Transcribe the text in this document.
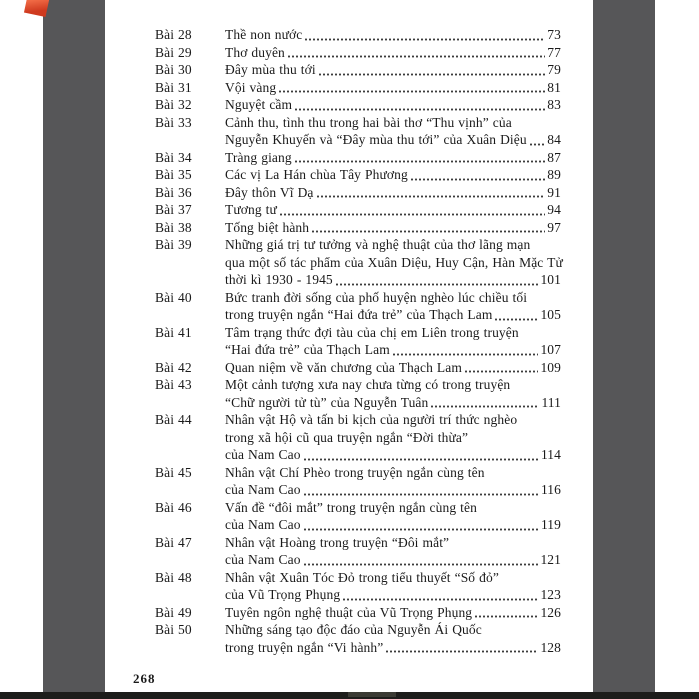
Bài 28	Thề non nước	73
Bài 29	Thơ duyên	77
Bài 30	Đây mùa thu tới	79
Bài 31	Vội vàng	81
Bài 32	Nguyệt cầm	83
Bài 33	Cảnh thu, tình thu trong hai bài thơ “Thu vịnh” của
Nguyễn Khuyến và “Đây mùa thu tới” của Xuân Diệu 84
Bài 34	Tràng giang	87
Bài 35	Các vị La Hán chùa Tây Phương	89
Bài 36	Đây thôn Vĩ Dạ	91
Bài 37	Tương tư	94
Bài 38	Tống biệt hành	97
Bài 39	Những giá trị tư tưởng và nghệ thuật của thơ lãng mạn
qua một số tác phẩm của Xuân Diệu, Huy Cận, Hàn Mặc Tử
thời kì 1930 - 1945	101
Bài 40	Bức tranh đời sống của phố huyện nghèo lúc chiều tối
trong truyện ngắn “Hai đứa trẻ” của Thạch Lam	105
Bài 41	Tâm trạng thức đợi tàu của chị em Liên trong truyện
“Hai đứa trẻ” của Thạch Lam	107
Bài 42	Quan niệm về văn chương của Thạch Lam	109
Bài 43	Một cảnh tượng xưa nay chưa từng có trong truyện
“Chữ người tử tù” của Nguyễn Tuân	111
Bài 44	Nhân vật Hộ và tấn bi kịch của người trí thức nghèo
trong xã hội cũ qua truyện ngắn “Đời thừa”
của Nam Cao	114
Bài 45	Nhân vật Chí Phèo trong truyện ngắn cùng tên
của Nam Cao	116
Bài 46	Vấn đề “đôi mắt” trong truyện ngắn cùng tên
của Nam Cao	119
Bài 47	Nhân vật Hoàng trong truyện “Đôi mắt”
của Nam Cao	121
Bài 48	Nhân vật Xuân Tóc Đỏ trong tiểu thuyết “Số đỏ”
của Vũ Trọng Phụng	123
Bài 49	Tuyên ngôn nghệ thuật của Vũ Trọng Phụng	126
Bài 50	Những sáng tạo độc đáo của Nguyễn Ái Quốc
trong truyện ngắn “Vi hành”	128
268
